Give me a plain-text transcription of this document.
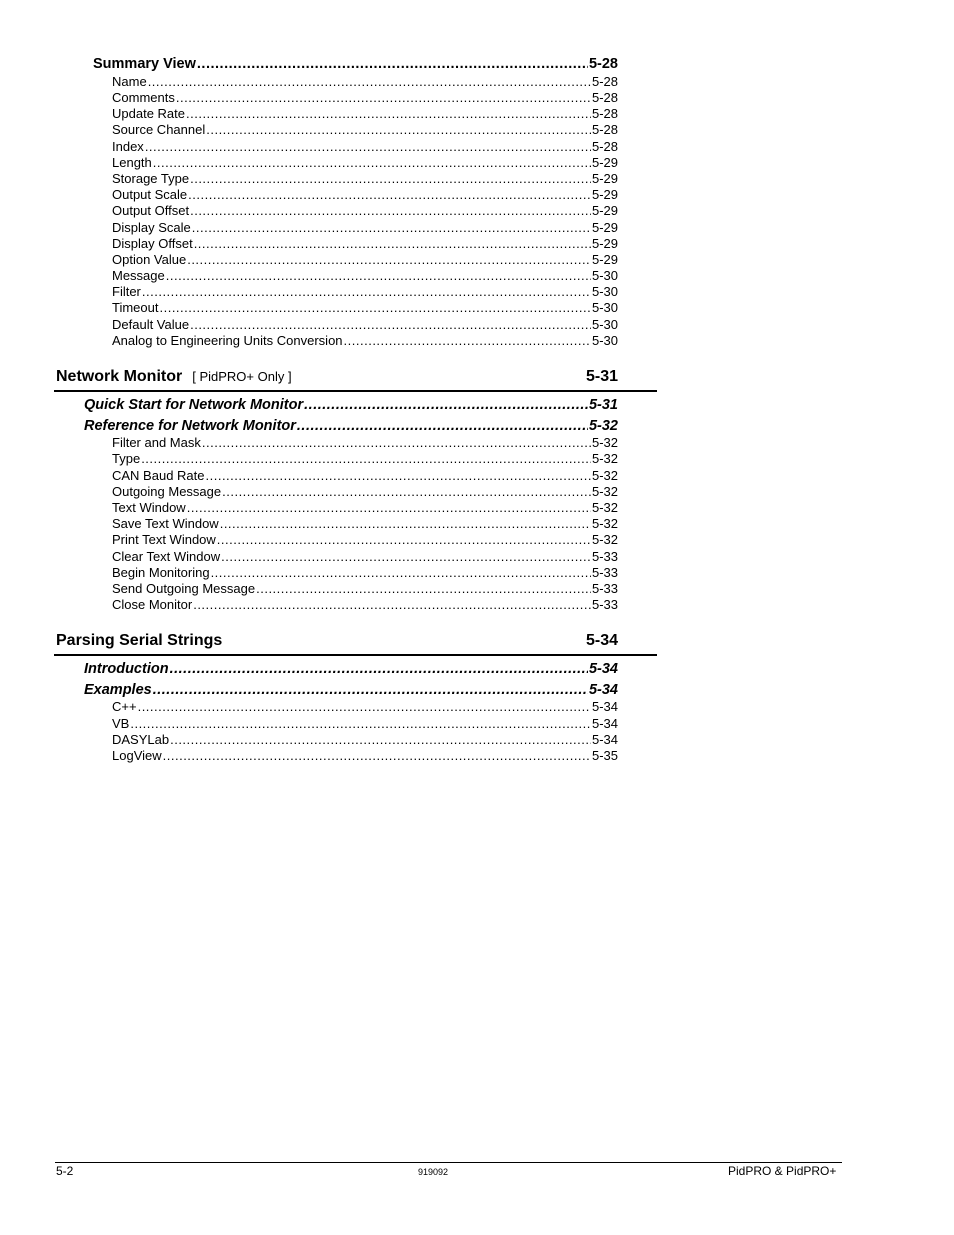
Summary View .....	5-28
Name .....	5-28
Comments .....	5-28
Update Rate .....	5-28
Source Channel .....	5-28
Index .....	5-28
Length .....	5-29
Storage Type .....	5-29
Output Scale .....	5-29
Output Offset .....	5-29
Display Scale .....	5-29
Display Offset .....	5-29
Option Value .....	5-29
Message .....	5-30
Filter .....	5-30
Timeout .....	5-30
Default Value .....	5-30
Analog to Engineering Units Conversion .....	5-30
Network Monitor [ PidPRO+ Only ]	5-31
Quick Start for Network Monitor .....	5-31
Reference for Network Monitor .....	5-32
Filter and Mask .....	5-32
Type .....	5-32
CAN Baud Rate .....	5-32
Outgoing Message .....	5-32
Text Window .....	5-32
Save Text Window .....	5-32
Print Text Window .....	5-32
Clear Text Window .....	5-33
Begin Monitoring .....	5-33
Send Outgoing Message .....	5-33
Close Monitor .....	5-33
Parsing Serial Strings	5-34
Introduction .....	5-34
Examples .....	5-34
C++ .....	5-34
VB .....	5-34
DASYLab .....	5-34
LogView .....	5-35
5-2	919092	PidPRO & PidPRO+
